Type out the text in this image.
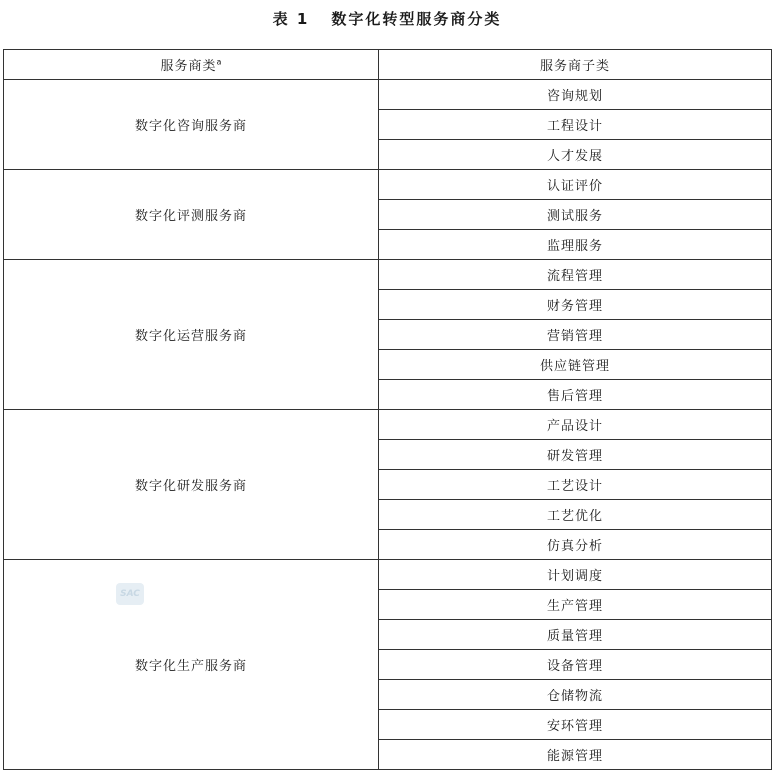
表 1 数字化转型服务商分类
服务商类$^a$	服务商子类
数字化咨询服务商	咨询规划
	工程设计
	人才发展
数字化评测服务商	认证评价
	测试服务
	监理服务
数字化运营服务商	流程管理
	财务管理
	营销管理
	供应链管理
	售后管理
数字化研发服务商	产品设计
	研发管理
	工艺设计
	工艺优化
	仿真分析
数字化生产服务商	计划调度
	生产管理
	质量管理
	设备管理
	仓储物流
	安环管理
	能源管理
SAC
